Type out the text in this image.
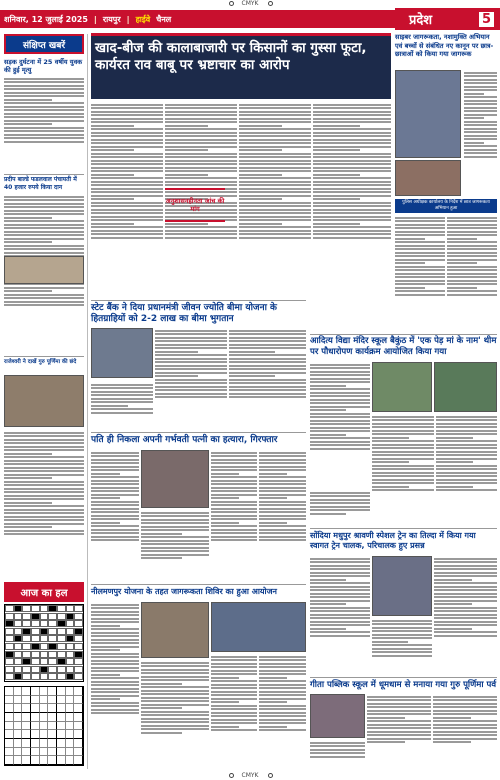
CMYK
शनिवार, 12 जुलाई 2025 | रायपुर | हाईवे चैनल	प्रदेश	5
संक्षिप्त खबरें
सड़क दुर्घटना में 25 वर्षीय युवक की हुई मृत्यु
प्रदीप बाल्डे फडलवाल पंचायती में 40 हजार रुपये किया दान
राजेश्वरी ने दाखें गुरु पूर्णिमा की छंदे
आज का हल
खाद-बीज की कालाबाजारी पर किसानों का गुस्सा फूटा, कार्यरत राव बाबू पर भ्रष्टाचार का आरोप
अनुशासनहीनता जांच की मांग
साइबर जागरूकता, नशामुक्ति अभियान एवं बच्चों से संबंधित नए कानून पर छात्र-छात्राओं को किया गया जागरूक
पुलिस अधीक्षक कार्यालय के निर्देश में छात्र जागरूकता अभियान हुआ
स्टेट बैंक ने दिया प्रधानमंत्री जीवन ज्योति बीमा योजना के हितग्राहियों को 2-2 लाख का बीमा भुगतान
आदित्य विद्या मंदिर स्कूल बैकुंठ में 'एक पेड़ मां के नाम' थीम पर पौधारोपण कार्यक्रम आयोजित किया गया
पति ही निकला अपनी गर्भवती पत्नी का हत्यारा, गिरफ्तार
सोंदिया मधुपुर श्रावणी स्पेशल ट्रेन का तिल्दा में किया गया स्वागत ट्रेन चालक, परिचालक हुए प्रसन्न
नीलमणपुर योजना के तहत जागरूकता शिविर का हुआ आयोजन
गीता पब्लिक स्कूल में धूमधाम से मनाया गया गुरु पूर्णिमा पर्व
CMYK
